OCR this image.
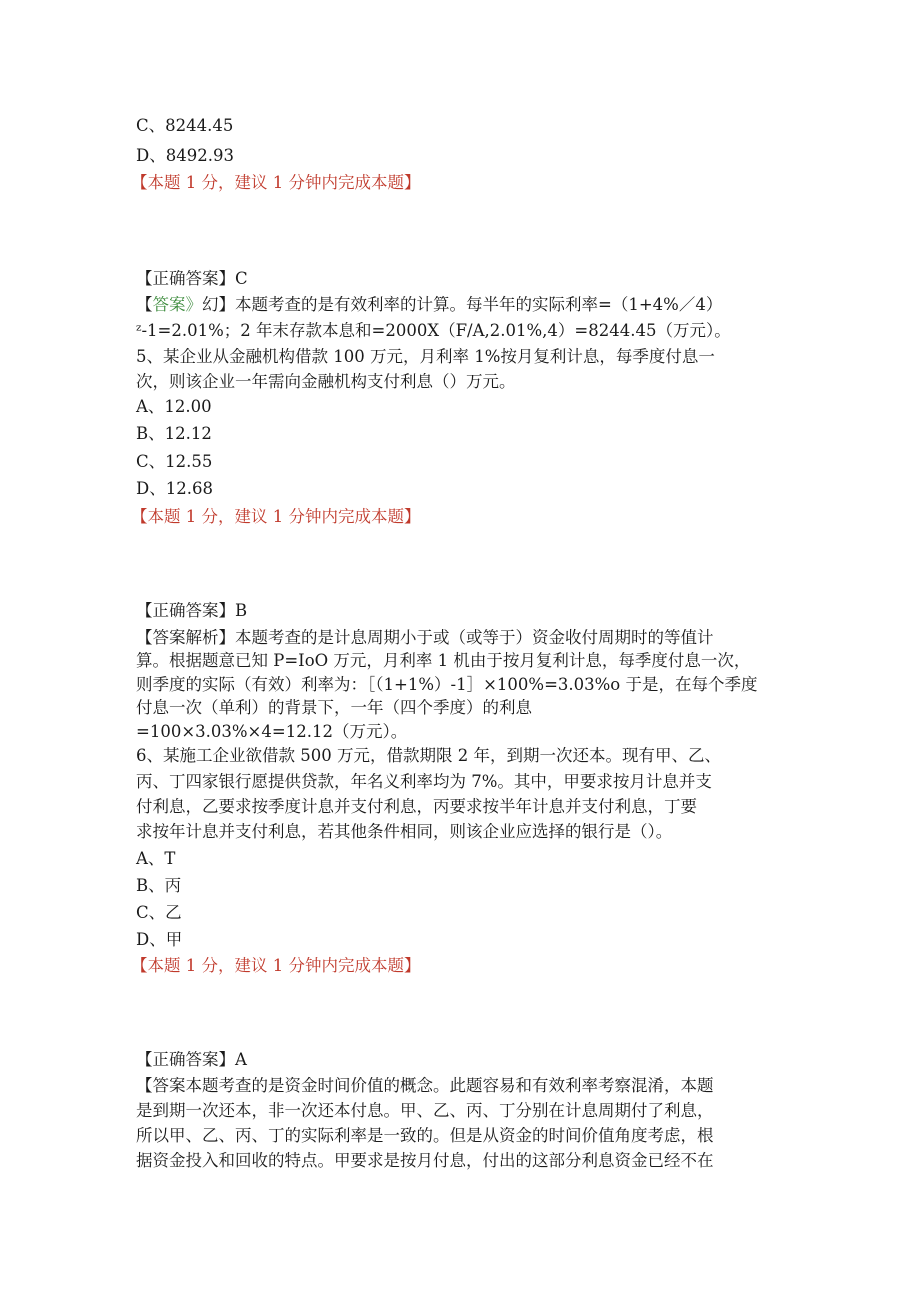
C、8244.45
D、8492.93
【本题 1 分，建议 1 分钟内完成本题】
【正确答案】C
【答案》幻】本题考查的是有效利率的计算。每半年的实际利率=（1+4%／4）
ᶻ-1=2.01%；2 年末存款本息和=2000X（F/A,2.01%,4）=8244.45（万元）。
5、某企业从金融机构借款 100 万元，月利率 1%按月复利计息，每季度付息一
次，则该企业一年需向金融机构支付利息（）万元。
A、12.00
B、12.12
C、12.55
D、12.68
【本题 1 分，建议 1 分钟内完成本题】
【正确答案】B
【答案解析】本题考查的是计息周期小于或（或等于）资金收付周期时的等值计
算。根据题意已知 P=IoO 万元，月利率 1 机由于按月复利计息，每季度付息一次，
则季度的实际（有效）利率为：［（1+1%）-1］×100%=3.03%o 于是，在每个季度
付息一次（单利）的背景下，一年（四个季度）的利息
=100×3.03%×4=12.12（万元）。
6、某施工企业欲借款 500 万元，借款期限 2 年，到期一次还本。现有甲、乙、
丙、丁四家银行愿提供贷款，年名义利率均为 7%。其中，甲要求按月计息并支
付利息，乙要求按季度计息并支付利息，丙要求按半年计息并支付利息，丁要
求按年计息并支付利息，若其他条件相同，则该企业应选择的银行是（）。
A、T
B、丙
C、乙
D、甲
【本题 1 分，建议 1 分钟内完成本题】
【正确答案】A
【答案本题考查的是资金时间价值的概念。此题容易和有效利率考察混淆，本题
是到期一次还本，非一次还本付息。甲、乙、丙、丁分别在计息周期付了利息，
所以甲、乙、丙、丁的实际利率是一致的。但是从资金的时间价值角度考虑，根
据资金投入和回收的特点。甲要求是按月付息，付出的这部分利息资金已经不在
